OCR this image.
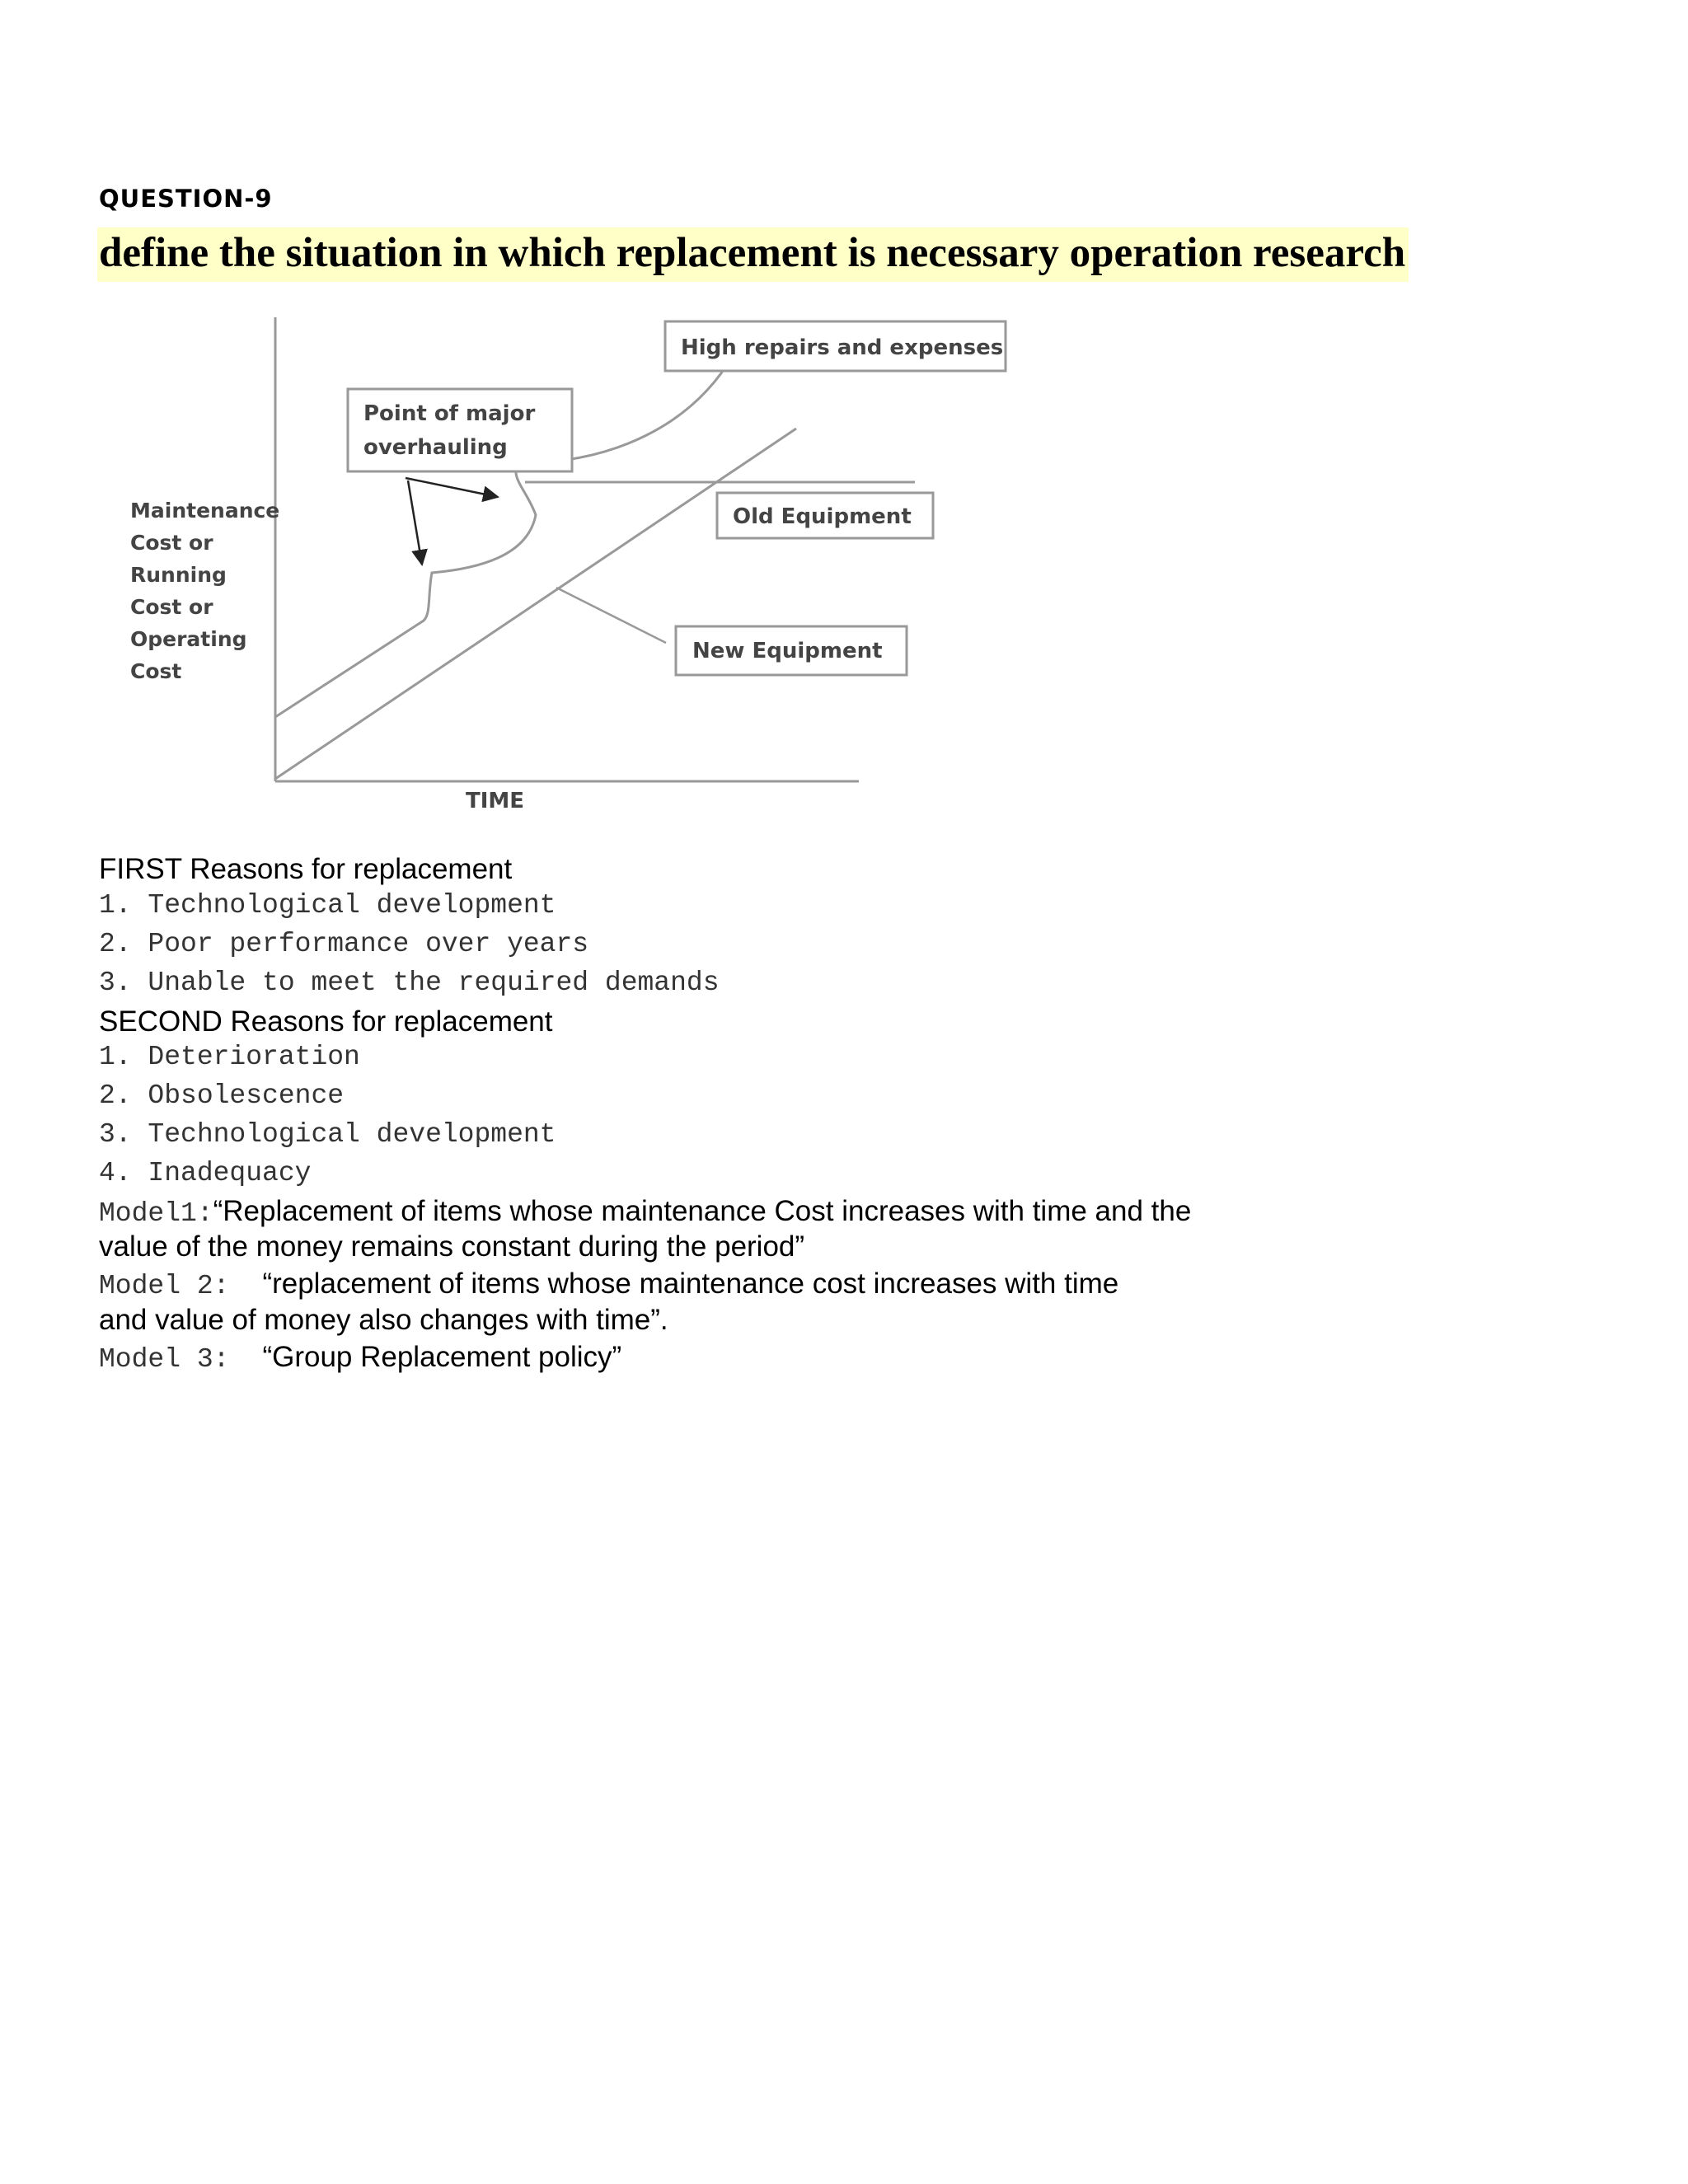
QUESTION-9
define the situation in which replacement is necessary operation research
Maintenance Cost or Running Cost or Operating Cost
TIME
High repairs and expenses
Point of major overhauling
Old Equipment
New Equipment
FIRST Reasons for replacement
1. Technological development
2. Poor performance over years
3. Unable to meet the required demands
SECOND Reasons for replacement
1. Deterioration
2. Obsolescence
3. Technological development
4. Inadequacy
Model1:“Replacement of items whose maintenance Cost increases with time and the
value of the money remains constant during the period”
Model 2: “replacement of items whose maintenance cost increases with time
and value of money also changes with time”.
Model 3: “Group Replacement policy”
